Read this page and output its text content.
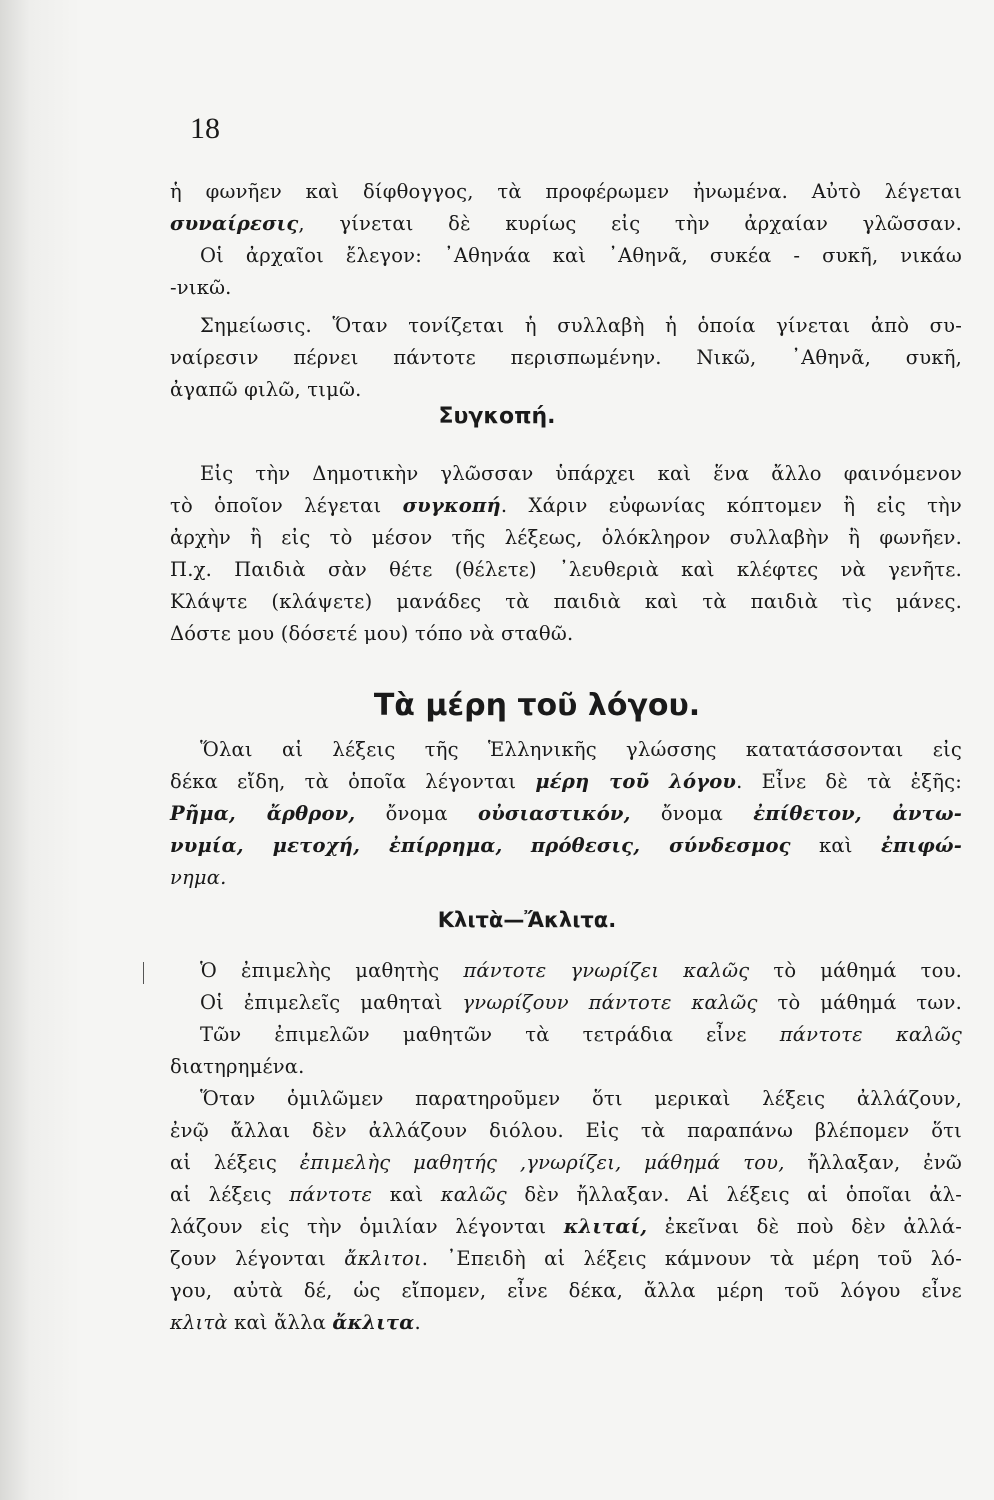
18
ἡ φωνῆεν καὶ δίφθογγος, τὰ προφέρωμεν ἠνωμένα. Αὐτὸ λέγεται
συναίρεσις, γίνεται δὲ κυρίως εἰς τὴν ἀρχαίαν γλῶσσαν.
Οἱ ἀρχαῖοι ἔλεγον: ᾿Αθηνάα καὶ ᾿Αθηνᾶ, συκέα - συκῆ, νικάω
-νικῶ.
Σημείωσις. Ὅταν τονίζεται ἡ συλλαβὴ ἡ ὁποία γίνεται ἀπὸ συ-
ναίρεσιν πέρνει πάντοτε περισπωμένην. Νικῶ, ᾿Αθηνᾶ, συκῆ,
ἀγαπῶ φιλῶ, τιμῶ.
Συγκοπή.
Εἰς τὴν Δημοτικὴν γλῶσσαν ὑπάρχει καὶ ἕνα ἄλλο φαινόμενον
τὸ ὁποῖον λέγεται συγκοπή. Χάριν εὐφωνίας κόπτομεν ἢ εἰς τὴν
ἀρχὴν ἢ εἰς τὸ μέσον τῆς λέξεως, ὁλόκληρον συλλαβὴν ἢ φωνῆεν.
Π.χ. Παιδιὰ σὰν θέτε (θέλετε) ᾿λευθεριὰ καὶ κλέφτες νὰ γενῆτε.
Κλάψτε (κλάψετε) μανάδες τὰ παιδιὰ καὶ τὰ παιδιὰ τὶς μάνες.
Δόστε μου (δόσετέ μου) τόπο νὰ σταθῶ.
Τὰ μέρη τοῦ λόγου.
Ὅλαι αἱ λέξεις τῆς Ἑλληνικῆς γλώσσης κατατάσσονται εἰς
δέκα εἴδη, τὰ ὁποῖα λέγονται μέρη τοῦ λόγου. Εἶνε δὲ τὰ ἑξῆς:
Ρῆμα, ἄρθρον, ὄνομα οὐσιαστικόν, ὄνομα ἐπίθετον, ἀντω-
νυμία, μετοχή, ἐπίρρημα, πρόθεσις, σύνδεσμος καὶ ἐπιφώ-
νημα.
Κλιτὰ—Ἄκλιτα.
Ὁ ἐπιμελὴς μαθητὴς πάντοτε γνωρίζει καλῶς τὸ μάθημά του.
Οἱ ἐπιμελεῖς μαθηταὶ γνωρίζουν πάντοτε καλῶς τὸ μάθημά των.
Τῶν ἐπιμελῶν μαθητῶν τὰ τετράδια εἶνε πάντοτε καλῶς
διατηρημένα.
Ὅταν ὁμιλῶμεν παρατηροῦμεν ὅτι μερικαὶ λέξεις ἀλλάζουν,
ἐνῷ ἄλλαι δὲν ἀλλάζουν διόλου. Εἰς τὰ παραπάνω βλέπομεν ὅτι
αἱ λέξεις ἐπιμελὴς μαθητής ,γνωρίζει, μάθημά του, ἤλλαξαν, ἐνῶ
αἱ λέξεις πάντοτε καὶ καλῶς δὲν ἤλλαξαν. Αἱ λέξεις αἱ ὁποῖαι ἀλ-
λάζουν εἰς τὴν ὁμιλίαν λέγονται κλιταί, ἐκεῖναι δὲ ποὺ δὲν ἀλλά-
ζουν λέγονται ἄκλιτοι. ᾿Επειδὴ αἱ λέξεις κάμνουν τὰ μέρη τοῦ λό-
γου, αὐτὰ δέ, ὡς εἴπομεν, εἶνε δέκα, ἄλλα μέρη τοῦ λόγου εἶνε
κλιτὰ καὶ ἄλλα ἄκλιτα.
